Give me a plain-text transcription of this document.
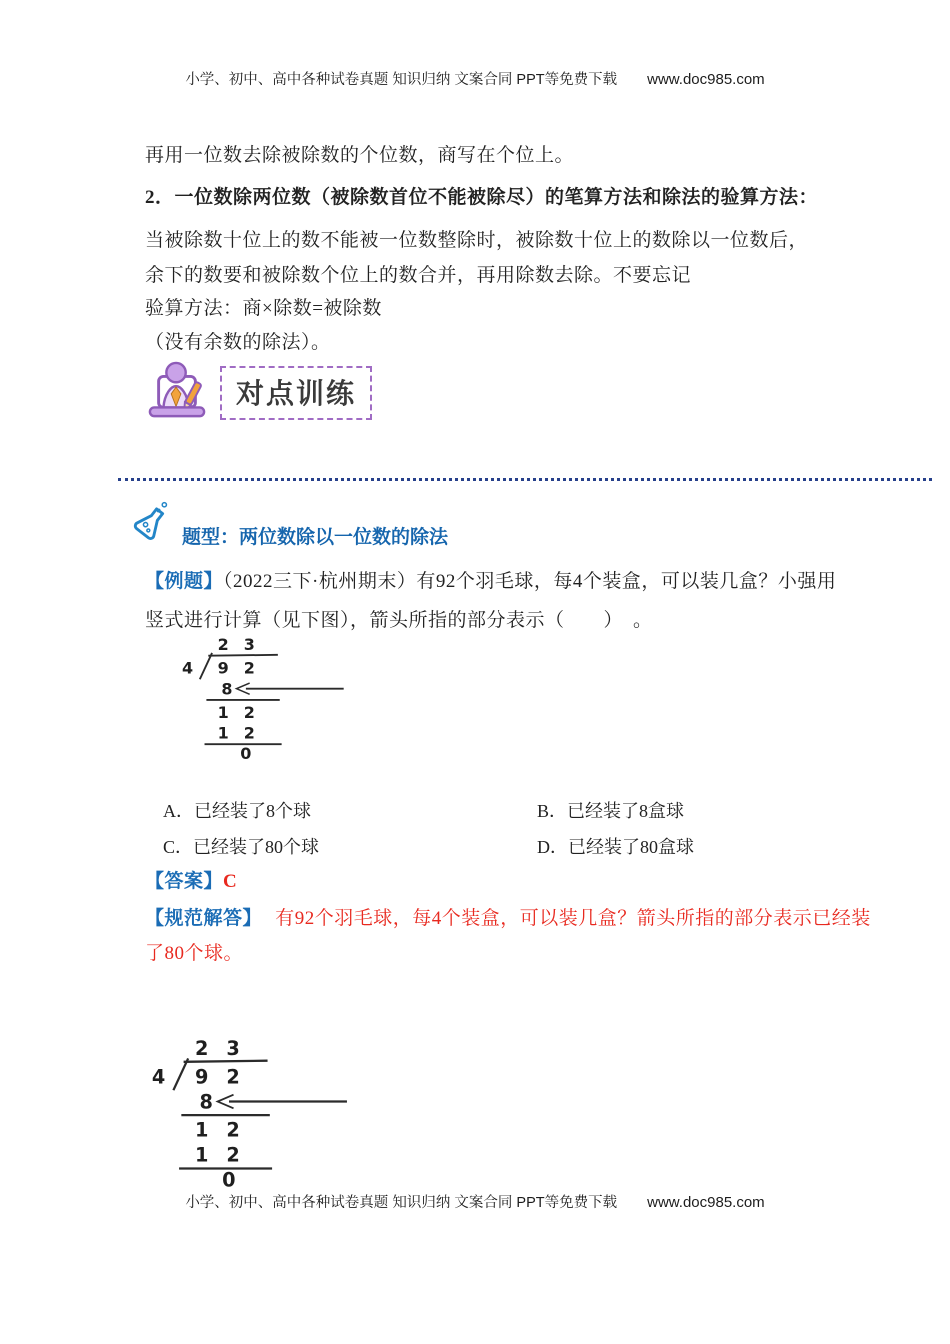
小学、初中、高中各种试卷真题 知识归纳 文案合同 PPT等免费下载 www.doc985.com
再用一位数去除被除数的个位数，商写在个位上。
2．一位数除两位数（被除数首位不能被除尽）的笔算方法和除法的验算方法：
当被除数十位上的数不能被一位数整除时，被除数十位上的数除以一位数后，
余下的数要和被除数个位上的数合并，再用除数去除。不要忘记
验算方法：商×除数=被除数
（没有余数的除法）。
对点训练
题型：两位数除以一位数的除法
【例题】（2022三下·杭州期末）有92个羽毛球，每4个装盒，可以装几盒？小强用
竖式进行计算（见下图），箭头所指的部分表示（　　）　。
2 3
4 9 2
8
1 2
1 2
0
A．已经装了8个球	B．已经装了8盒球
C．已经装了80个球	D．已经装了80盒球
【答案】C
【规范解答】 有92个羽毛球，每4个装盒，可以装几盒？箭头所指的部分表示已经装
了80个球。
2 3
4 9 2
8
1 2
1 2
0
小学、初中、高中各种试卷真题 知识归纳 文案合同 PPT等免费下载 www.doc985.com
